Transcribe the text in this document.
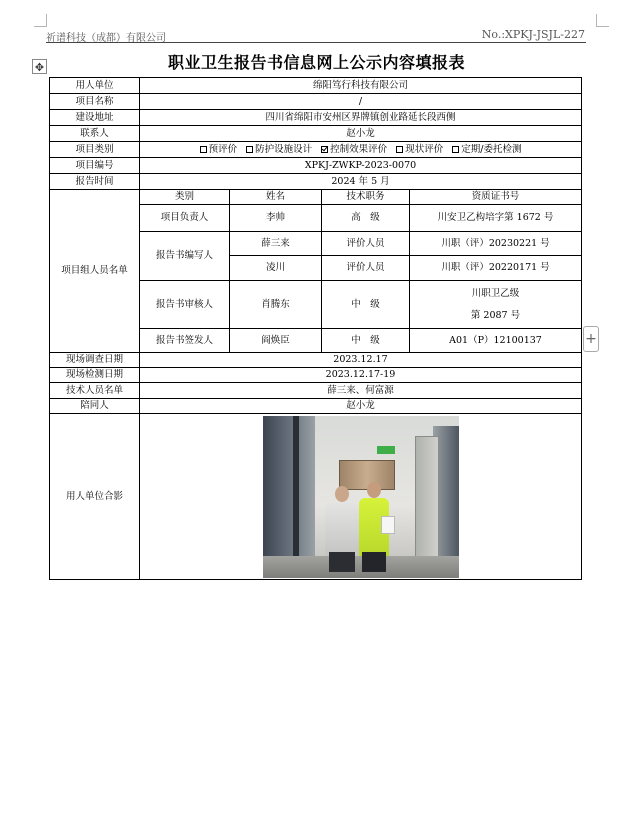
祈谱科技（成都）有限公司	No.:XPKJ-JSJL-227
✥	职业卫生报告书信息网上公示内容填报表
+
用人单位	绵阳笃行科技有限公司			
项目名称	/			
建设地址	四川省绵阳市安州区界牌镇创业路延长段西侧			
联系人	赵小龙			
项目类别	预评价 防护设施设计 控制效果评价 现状评价 定期/委托检测			
项目编号	XPKJ-ZWKP-2023-0070			
报告时间	2024 年 5 月			
项目组人员名单	类别	姓名	技术职务	资质证书号
	项目负责人	李帅	高　级	川安卫乙构培字第 1672 号
	报告书编写人	薛三来	评价人员	川职（评）20230221 号
		凌川	评价人员	川职（评）20220171 号
	报告书审核人	肖腾东	中　级	川职卫乙级
第 2087 号

	报告书签发人	阎焕臣	中　级	A01（P）12100137

现场调查日期	2023.12.17			
现场检测日期	2023.12.17-19			
技术人员名单	薛三来、何富源			
陪同人	赵小龙			
用人单位合影				
